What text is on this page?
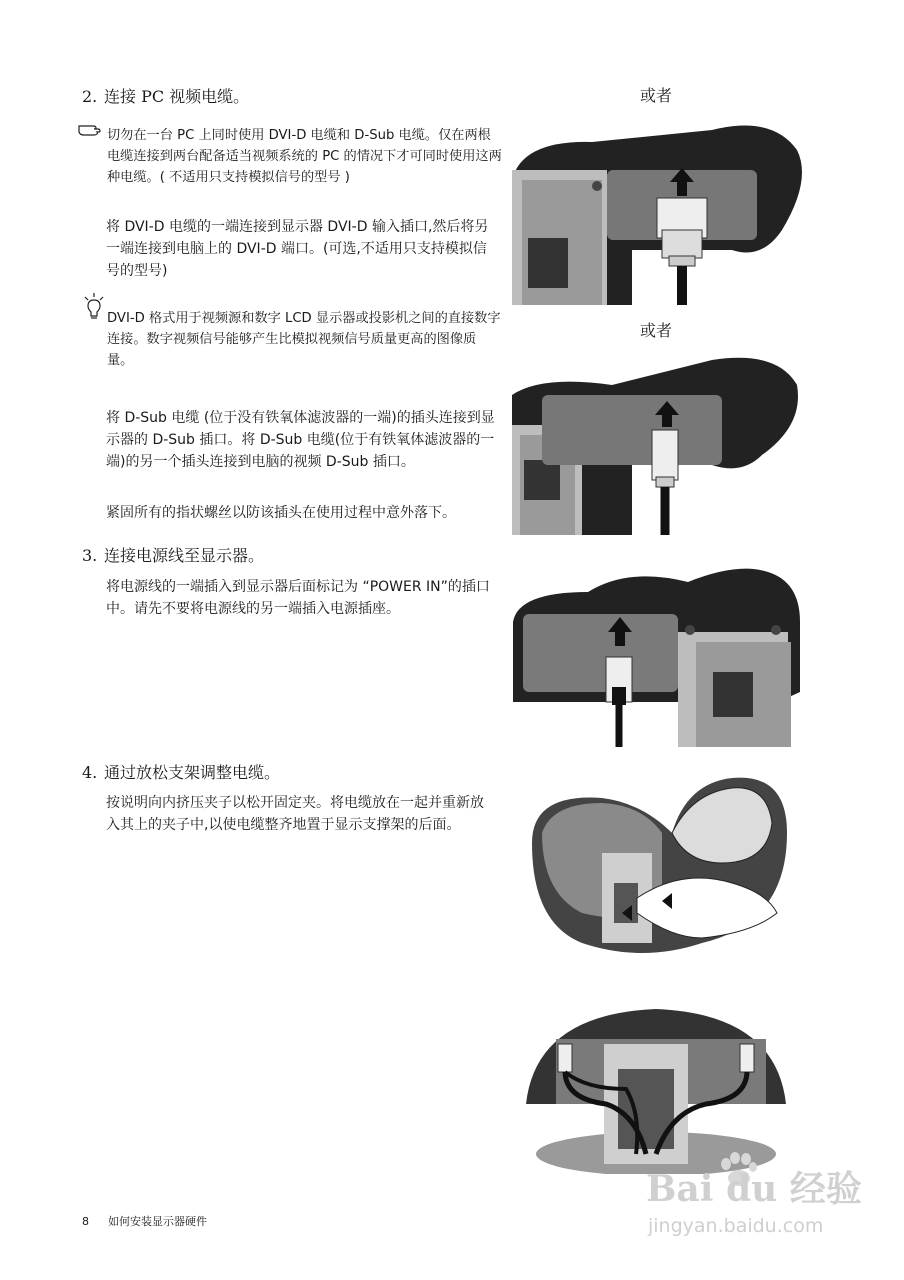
2. 连接 PC 视频电缆。
切勿在一台 PC 上同时使用 DVI-D 电缆和 D-Sub 电缆。仅在两根电缆连接到两台配备适当视频系统的 PC 的情况下才可同时使用这两种电缆。( 不适用只支持模拟信号的型号 )
将 DVI-D 电缆的一端连接到显示器 DVI-D 输入插口,然后将另一端连接到电脑上的 DVI-D 端口。(可选,不适用只支持模拟信号的型号)
DVI-D 格式用于视频源和数字 LCD 显示器或投影机之间的直接数字连接。数字视频信号能够产生比模拟视频信号质量更高的图像质量。
将 D-Sub 电缆 (位于没有铁氧体滤波器的一端)的插头连接到显示器的 D-Sub 插口。将 D-Sub 电缆(位于有铁氧体滤波器的一端)的另一个插头连接到电脑的视频 D-Sub 插口。
紧固所有的指状螺丝以防该插头在使用过程中意外落下。
3. 连接电源线至显示器。
将电源线的一端插入到显示器后面标记为 “POWER IN”的插口中。请先不要将电源线的另一端插入电源插座。
4. 通过放松支架调整电缆。
按说明向内挤压夹子以松开固定夹。将电缆放在一起并重新放入其上的夹子中,以使电缆整齐地置于显示支撑架的后面。
或者
或者
Bai du 经验
jingyan.baidu.com
8 如何安装显示器硬件
